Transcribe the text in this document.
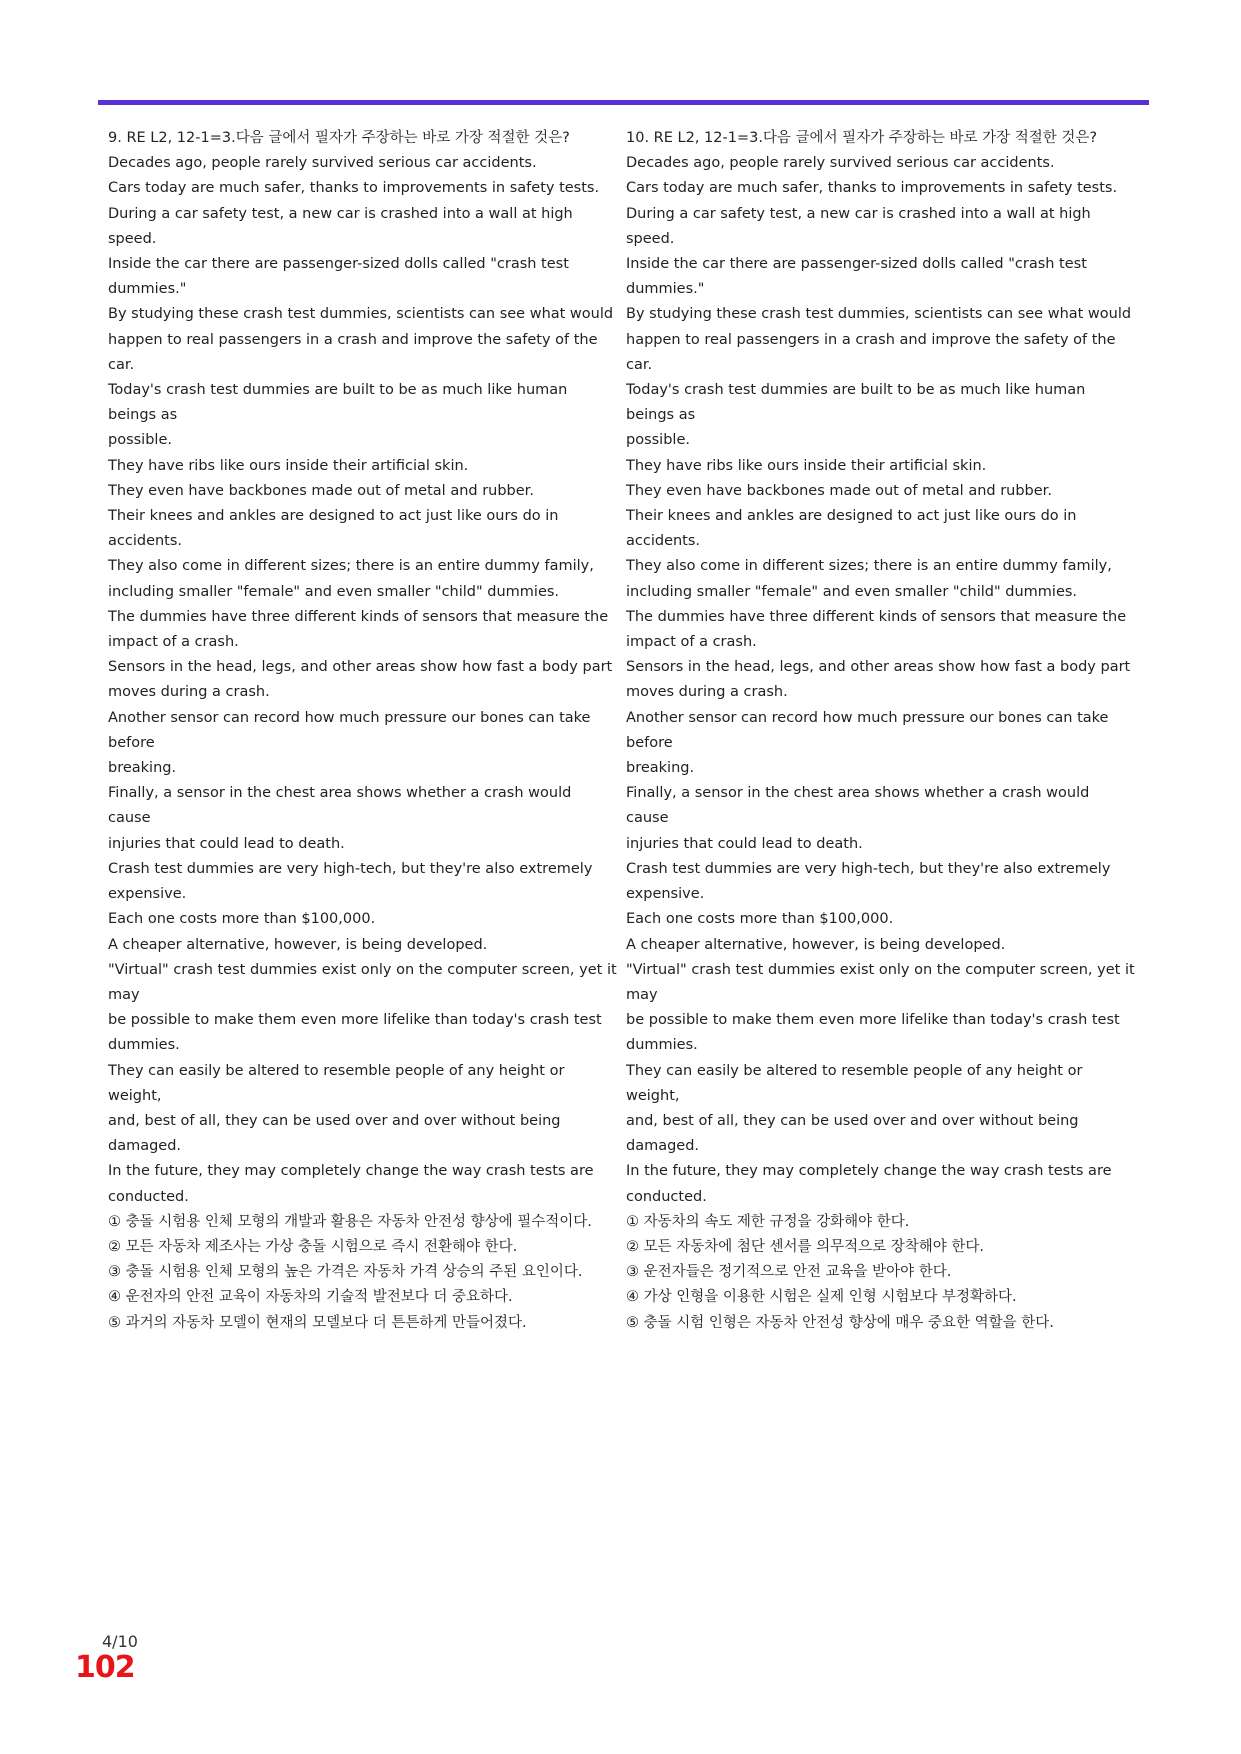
9. RE L2, 12-1=3.다음 글에서 필자가 주장하는 바로 가장 적절한 것은?

Decades ago, people rarely survived serious car accidents.

Cars today are much safer, thanks to improvements in safety tests.

During a car safety test, a new car is crashed into a wall at high speed.

Inside the car there are passenger-sized dolls called "crash test dummies."

By studying these crash test dummies, scientists can see what would

happen to real passengers in a crash and improve the safety of the car.

Today's crash test dummies are built to be as much like human beings as

possible.

They have ribs like ours inside their artificial skin.

They even have backbones made out of metal and rubber.

Their knees and ankles are designed to act just like ours do in accidents.

They also come in different sizes; there is an entire dummy family,

including smaller "female" and even smaller "child" dummies.

The dummies have three different kinds of sensors that measure the

impact of a crash.

Sensors in the head, legs, and other areas show how fast a body part

moves during a crash.

Another sensor can record how much pressure our bones can take before

breaking.

Finally, a sensor in the chest area shows whether a crash would cause

injuries that could lead to death.

Crash test dummies are very high-tech, but they're also extremely

expensive.

Each one costs more than $100,000.

A cheaper alternative, however, is being developed.

"Virtual" crash test dummies exist only on the computer screen, yet it may

be possible to make them even more lifelike than today's crash test

dummies.

They can easily be altered to resemble people of any height or weight,

and, best of all, they can be used over and over without being damaged.

In the future, they may completely change the way crash tests are

conducted.

① 충돌 시험용 인체 모형의 개발과 활용은 자동차 안전성 향상에 필수적이다.

② 모든 자동차 제조사는 가상 충돌 시험으로 즉시 전환해야 한다.

③ 충돌 시험용 인체 모형의 높은 가격은 자동차 가격 상승의 주된 요인이다.

④ 운전자의 안전 교육이 자동차의 기술적 발전보다 더 중요하다.

⑤ 과거의 자동차 모델이 현재의 모델보다 더 튼튼하게 만들어졌다.

10. RE L2, 12-1=3.다음 글에서 필자가 주장하는 바로 가장 적절한 것은?

Decades ago, people rarely survived serious car accidents.

Cars today are much safer, thanks to improvements in safety tests.

During a car safety test, a new car is crashed into a wall at high speed.

Inside the car there are passenger-sized dolls called "crash test dummies."

By studying these crash test dummies, scientists can see what would

happen to real passengers in a crash and improve the safety of the car.

Today's crash test dummies are built to be as much like human beings as

possible.

They have ribs like ours inside their artificial skin.

They even have backbones made out of metal and rubber.

Their knees and ankles are designed to act just like ours do in accidents.

They also come in different sizes; there is an entire dummy family,

including smaller "female" and even smaller "child" dummies.

The dummies have three different kinds of sensors that measure the

impact of a crash.

Sensors in the head, legs, and other areas show how fast a body part

moves during a crash.

Another sensor can record how much pressure our bones can take before

breaking.

Finally, a sensor in the chest area shows whether a crash would cause

injuries that could lead to death.

Crash test dummies are very high-tech, but they're also extremely

expensive.

Each one costs more than $100,000.

A cheaper alternative, however, is being developed.

"Virtual" crash test dummies exist only on the computer screen, yet it may

be possible to make them even more lifelike than today's crash test

dummies.

They can easily be altered to resemble people of any height or weight,

and, best of all, they can be used over and over without being damaged.

In the future, they may completely change the way crash tests are

conducted.

① 자동차의 속도 제한 규정을 강화해야 한다.

② 모든 자동차에 첨단 센서를 의무적으로 장착해야 한다.

③ 운전자들은 정기적으로 안전 교육을 받아야 한다.

④ 가상 인형을 이용한 시험은 실제 인형 시험보다 부정확하다.

⑤ 충돌 시험 인형은 자동차 안전성 향상에 매우 중요한 역할을 한다.

4/10
102
